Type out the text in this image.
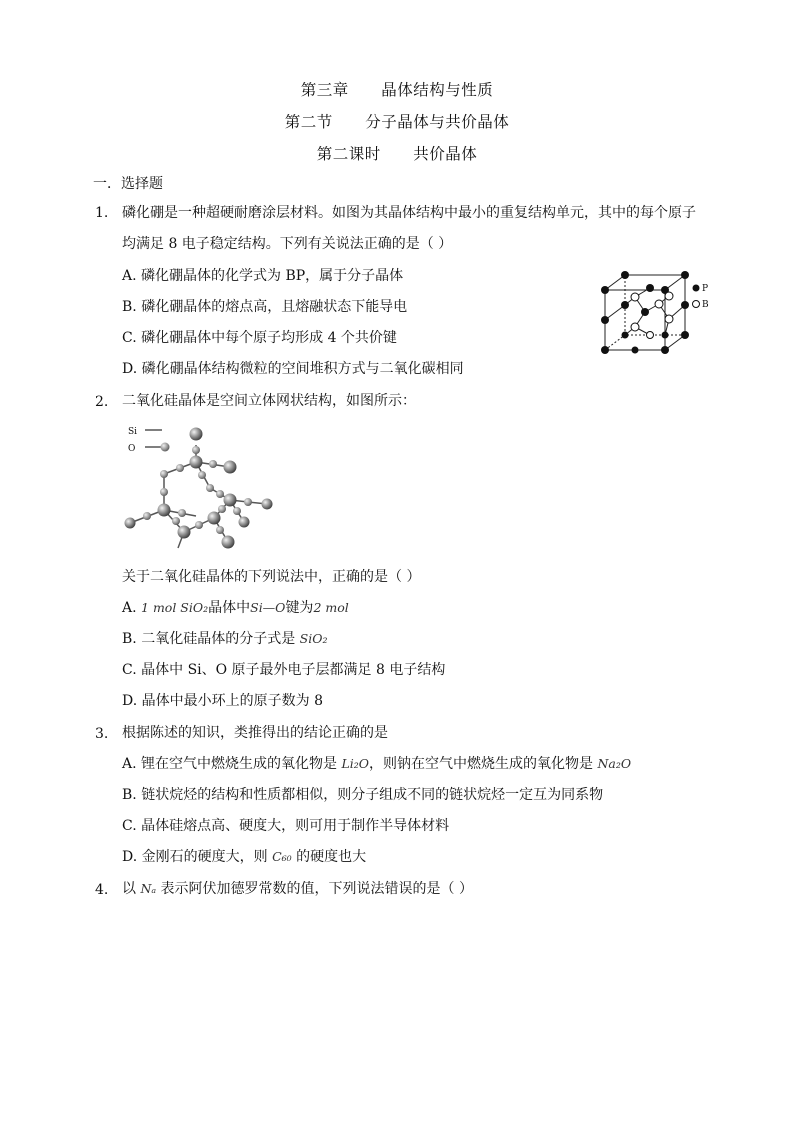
第三章      晶体结构与性质
第二节      分子晶体与共价晶体
第二课时      共价晶体
一．选择题
1. 磷化硼是一种超硬耐磨涂层材料。如图为其晶体结构中最小的重复结构单元，其中的每个原子
均满足 8 电子稳定结构。下列有关说法正确的是（ ）
A. 磷化硼晶体的化学式为 BP，属于分子晶体
B. 磷化硼晶体的熔点高，且熔融状态下能导电
C. 磷化硼晶体中每个原子均形成 4 个共价键
D. 磷化硼晶体结构微粒的空间堆积方式与二氧化碳相同
P
B
2. 二氧化硅晶体是空间立体网状结构，如图所示：
Si
O
关于二氧化硅晶体的下列说法中，正确的是（ ）
A. 1 mol SiO₂晶体中Si—O键为2 mol
B. 二氧化硅晶体的分子式是 SiO₂
C. 晶体中 Si、O 原子最外电子层都满足 8 电子结构
D. 晶体中最小环上的原子数为 8
3. 根据陈述的知识，类推得出的结论正确的是
A. 锂在空气中燃烧生成的氧化物是 Li₂O，则钠在空气中燃烧生成的氧化物是 Na₂O
B. 链状烷烃的结构和性质都相似，则分子组成不同的链状烷烃一定互为同系物
C. 晶体硅熔点高、硬度大，则可用于制作半导体材料
D. 金刚石的硬度大，则 C₆₀ 的硬度也大
4. 以 Nₐ 表示阿伏加德罗常数的值，下列说法错误的是（ ）
